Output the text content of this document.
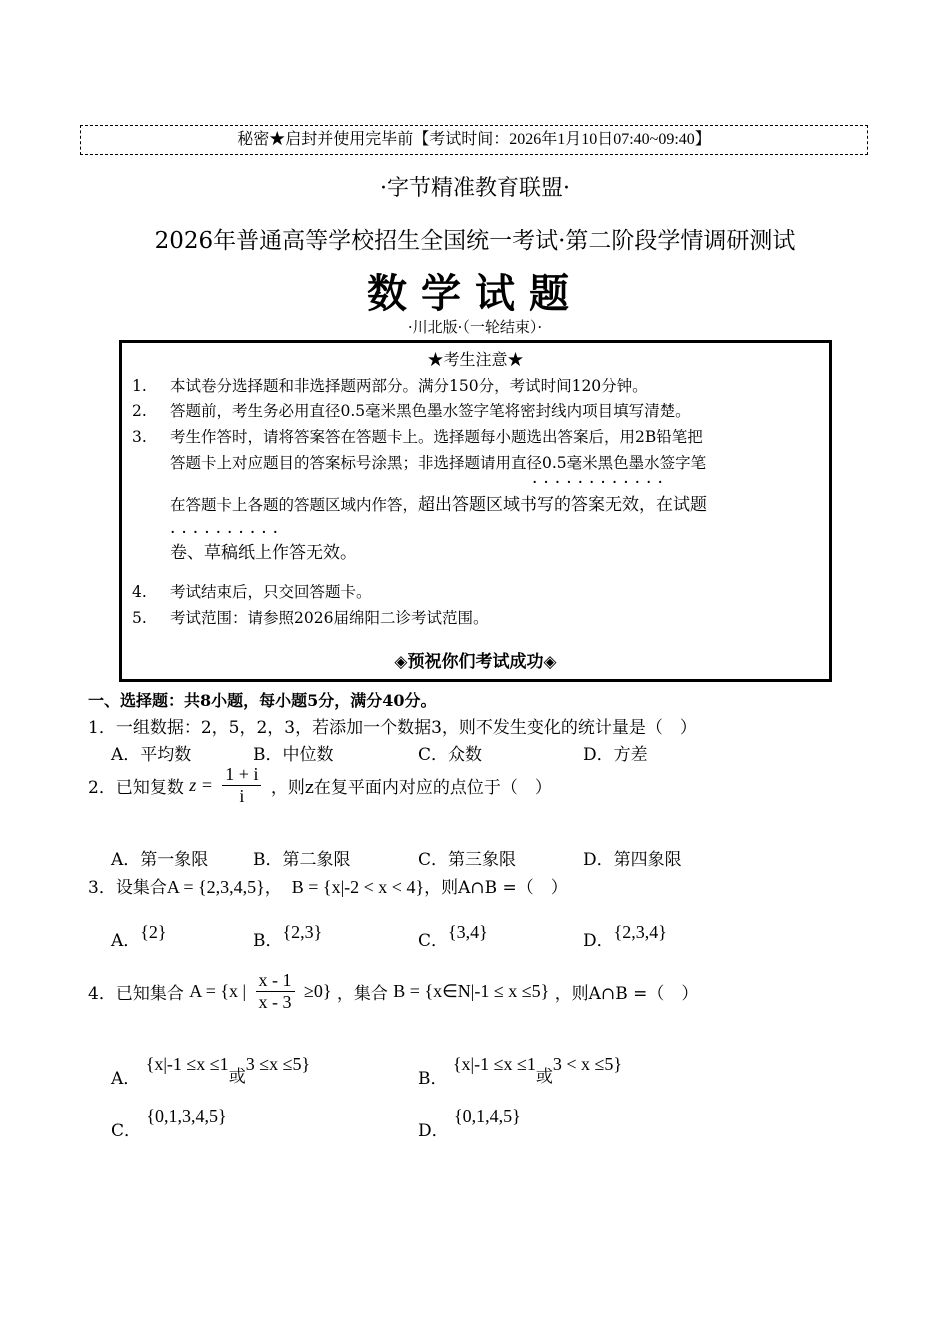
秘密★启封并使用完毕前【考试时间：2026年1月10日07:40~09:40】
·字节精准教育联盟·
2026年普通高等学校招生全国统一考试·第二阶段学情调研测试
数学试题
·川北版·（一轮结束）·
★考生注意★
1.	本试卷分选择题和非选择题两部分。满分150分，考试时间120分钟。
2.	答题前，考生务必用直径0.5毫米黑色墨水签字笔将密封线内项目填写清楚。
3.	考生作答时，请将答案答在答题卡上。选择题每小题选出答案后，用2B铅笔把
答题卡上对应题目的答案标号涂黑；非选择题请用直径0.5毫米黑色墨水签字笔
············
在答题卡上各题的答题区域内作答，超出答题区域书写的答案无效，在试题
··········
卷、草稿纸上作答无效。
4.	考试结束后，只交回答题卡。
5.	考试范围：请参照2026届绵阳二诊考试范围。
◈预祝你们考试成功◈
一、选择题：共8小题，每小题5分，满分40分。
1．一组数据：2，5，2，3，若添加一个数据3，则不发生变化的统计量是（　）
A．平均数	B．中位数	C．众数	D．方差
2．已知复数 $z = \frac{1 + i}{i}$ ，则z在复平面内对应的点位于（　）
A．第一象限	B．第二象限	C．第三象限	D．第四象限
3．设集合A = {2,3,4,5}， B = {x|-2 < x < 4}，则A∩B =（　）
A．{2}	B．{2,3}	C．{3,4}	D．{2,3,4}
4．已知集合 A = {x | $\frac{x - 1}{x - 3} \ge 0$} ，集合 B = {x∈N|-1 ≤ x ≤5} ，则A∩B =（　）
A． {x|-1 ≤x ≤1或3 ≤x ≤5}
B． {x|-1 ≤x ≤1或3 < x ≤5}
C． {0,1,3,4,5}
D． {0,1,4,5}
